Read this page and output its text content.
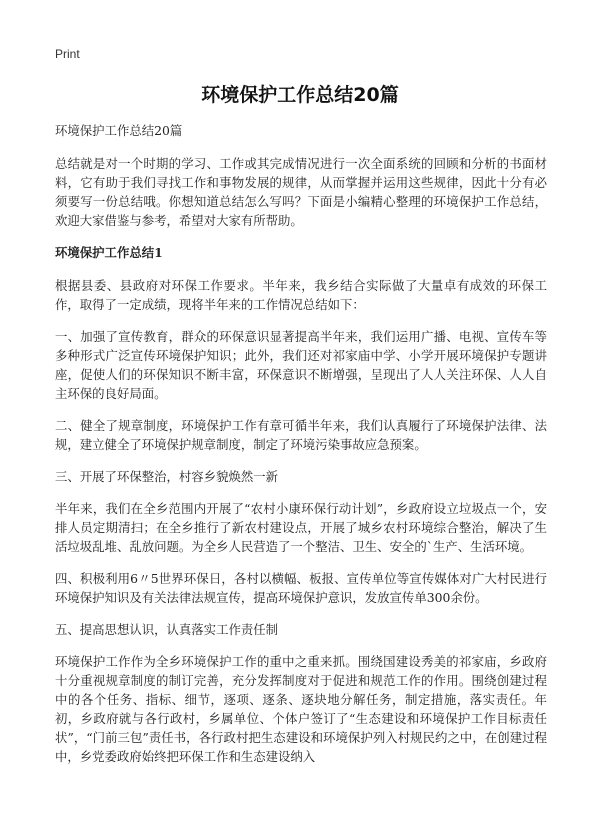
Print
环境保护工作总结20篇

环境保护工作总结20篇

总结就是对一个时期的学习、工作或其完成情况进行一次全面系统的回顾和分析的书面材料，它有助于我们寻找工作和事物发展的规律，从而掌握并运用这些规律，因此十分有必须要写一份总结哦。你想知道总结怎么写吗？下面是小编精心整理的环境保护工作总结，欢迎大家借鉴与参考，希望对大家有所帮助。

环境保护工作总结1

根据县委、县政府对环保工作要求。半年来，我乡结合实际做了大量卓有成效的环保工作，取得了一定成绩，现将半年来的工作情况总结如下：

一、加强了宣传教育，群众的环保意识显著提高半年来，我们运用广播、电视、宣传车等多种形式广泛宣传环境保护知识；此外，我们还对祁家庙中学、小学开展环境保护专题讲座，促使人们的环保知识不断丰富，环保意识不断增强，呈现出了人人关注环保、人人自主环保的良好局面。

二、健全了规章制度，环境保护工作有章可循半年来，我们认真履行了环境保护法律、法规，建立健全了环境保护规章制度，制定了环境污染事故应急预案。

三、开展了环保整治，村容乡貌焕然一新

半年来，我们在全乡范围内开展了“农村小康环保行动计划”，乡政府设立垃圾点一个，安排人员定期清扫；在全乡推行了新农村建设点，开展了城乡农村环境综合整治，解决了生活垃圾乱堆、乱放问题。为全乡人民营造了一个整洁、卫生、安全的`生产、生活环境。

四、积极利用6〃5世界环保日，各村以横幅、板报、宣传单位等宣传媒体对广大村民进行环境保护知识及有关法律法规宣传，提高环境保护意识，发放宣传单300余份。

五、提高思想认识，认真落实工作责任制

环境保护工作作为全乡环境保护工作的重中之重来抓。围绕国建设秀美的祁家庙，乡政府十分重视规章制度的制订完善，充分发挥制度对于促进和规范工作的作用。围绕创建过程中的各个任务、指标、细节，逐项、逐条、逐块地分解任务，制定措施，落实责任。年初，乡政府就与各行政村，乡属单位、个体户签订了“生态建设和环境保护工作目标责任状”，“门前三包”责任书，各行政村把生态建设和环境保护列入村规民约之中，在创建过程中，乡党委政府始终把环保工作和生态建设纳入
